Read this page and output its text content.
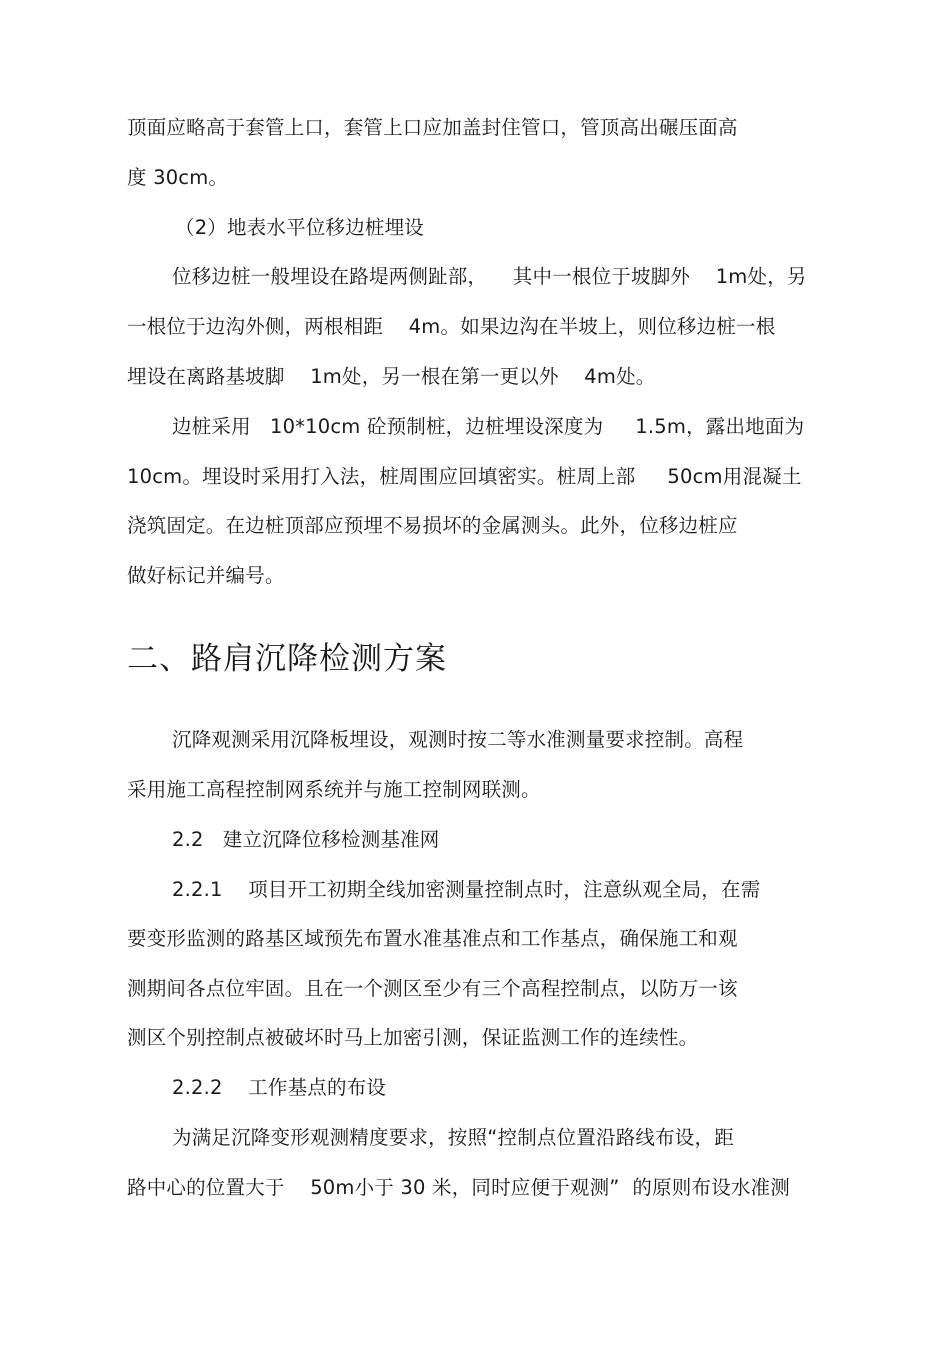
顶面应略高于套管上口，套管上口应加盖封住管口，管顶高出碾压面高
度 30cm。
（2）地表水平位移边桩埋设
位移边桩一般埋设在路堤两侧趾部，    其中一根位于坡脚外    1m处，另
一根位于边沟外侧，两根相距    4m。如果边沟在半坡上，则位移边桩一根
埋设在离路基坡脚    1m处，另一根在第一更以外    4m处。
边桩采用   10*10cm 砼预制桩，边桩埋设深度为     1.5m，露出地面为
10cm。埋设时采用打入法，桩周围应回填密实。桩周上部     50cm用混凝土
浇筑固定。在边桩顶部应预埋不易损坏的金属测头。此外，位移边桩应
做好标记并编号。
二、路肩沉降检测方案
沉降观测采用沉降板埋设，观测时按二等水准测量要求控制。高程
采用施工高程控制网系统并与施工控制网联测。
2.2   建立沉降位移检测基准网
2.2.1    项目开工初期全线加密测量控制点时，注意纵观全局，在需
要变形监测的路基区域预先布置水准基准点和工作基点，确保施工和观
测期间各点位牢固。且在一个测区至少有三个高程控制点，以防万一该
测区个别控制点被破坏时马上加密引测，保证监测工作的连续性。
2.2.2    工作基点的布设
为满足沉降变形观测精度要求，按照“控制点位置沿路线布设，距
路中心的位置大于    50m小于 30 米，同时应便于观测”  的原则布设水准测
